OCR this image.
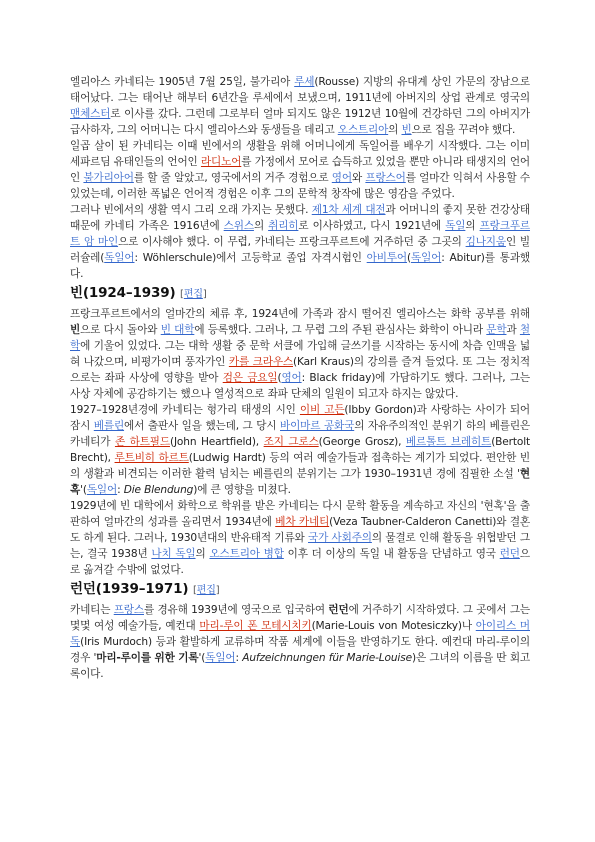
엘리아스 카네티는 1905년 7월 25일, 불가리아 루세(Rousse) 지방의 유대계 상인 가문의 장남으로 태어났다. 그는 태어난 해부터 6년간을 루세에서 보냈으며, 1911년에 아버지의 상업 관계로 영국의 맨체스터로 이사를 갔다. 그런데 그로부터 얼마 되지도 않은 1912년 10월에 건강하던 그의 아버지가 급사하자, 그의 어머니는 다시 엘리아스와 동생들을 데리고 오스트리아의 빈으로 집을 꾸려야 했다.

일곱 살이 된 카네티는 이때 빈에서의 생활을 위해 어머니에게 독일어를 배우기 시작했다. 그는 이미 세파르딤 유태인들의 언어인 라디노어를 가정에서 모어로 습득하고 있었을 뿐만 아니라 태생지의 언어인 불가리아어를 할 줄 알았고, 영국에서의 거주 경험으로 영어와 프랑스어를 얼마간 익혀서 사용할 수 있었는데, 이러한 폭넓은 언어적 경험은 이후 그의 문학적 창작에 많은 영감을 주었다.

그러나 빈에서의 생활 역시 그리 오래 가지는 못했다. 제1차 세계 대전과 어머니의 좋지 못한 건강상태 때문에 카네티 가족은 1916년에 스위스의 취리히로 이사하였고, 다시 1921년에 독일의 프랑크푸르트 암 마인으로 이사해야 했다. 이 무렵, 카네티는 프랑크푸르트에 거주하던 중 그곳의 김나지움인 빌러슐레(독일어: Wöhlerschule)에서 고등학교 졸업 자격시험인 아비투어(독일어: Abitur)를 통과했다.

빈(1924–1939) [편집]

프랑크푸르트에서의 얼마간의 체류 후, 1924년에 가족과 잠시 떨어진 엘리아스는 화학 공부를 위해 빈으로 다시 돌아와 빈 대학에 등록했다. 그러나, 그 무렵 그의 주된 관심사는 화학이 아니라 문학과 철학에 기울어 있었다. 그는 대학 생활 중 문학 서클에 가입해 글쓰기를 시작하는 동시에 차츰 인맥을 넓혀 나갔으며, 비평가이며 풍자가인 카를 크라우스(Karl Kraus)의 강의를 즐겨 들었다. 또 그는 정치적으로는 좌파 사상에 영향을 받아 검은 금요일(영어: Black friday)에 가담하기도 했다. 그러나, 그는 사상 자체에 공감하기는 했으나 열성적으로 좌파 단체의 일원이 되고자 하지는 않았다.

1927–1928년경에 카네티는 헝가리 태생의 시인 이비 고든(Ibby Gordon)과 사랑하는 사이가 되어 잠시 베를린에서 출판사 일을 했는데, 그 당시 바이마르 공화국의 자유주의적인 분위기 하의 베를린은 카네티가 존 하트필드(John Heartfield), 조지 그로스(George Grosz), 베르톨트 브레히트(Bertolt Brecht), 루트비히 하르트(Ludwig Hardt) 등의 여러 예술가들과 접촉하는 계기가 되었다. 편안한 빈의 생활과 비견되는 이러한 활력 넘치는 베를린의 분위기는 그가 1930–1931년 경에 집필한 소설 '현혹'(독일어: Die Blendung)에 큰 영향을 미쳤다.

1929년에 빈 대학에서 화학으로 학위를 받은 카네티는 다시 문학 활동을 계속하고 자신의 '현혹'을 출판하여 얼마간의 성과를 올리면서 1934년에 베차 카네티(Veza Taubner-Calderon Canetti)와 결혼도 하게 된다. 그러나, 1930년대의 반유태적 기류와 국가 사회주의의 물결로 인해 활동을 위협받던 그는, 결국 1938년 나치 독일의 오스트리아 병합 이후 더 이상의 독일 내 활동을 단념하고 영국 런던으로 옮겨갈 수밖에 없었다.

런던(1939–1971) [편집]

카네티는 프랑스를 경유해 1939년에 영국으로 입국하여 런던에 거주하기 시작하였다. 그 곳에서 그는 몇몇 여성 예술가들, 예컨대 마리-루이 폰 모테시치키(Marie-Louis von Motesiczky)나 아이리스 머독(Iris Murdoch) 등과 활발하게 교류하며 작품 세계에 이들을 반영하기도 한다. 예컨대 마리-루이의 경우 '마리-루이를 위한 기록'(독일어: Aufzeichnungen für Marie-Louise)은 그녀의 이름을 딴 회고록이다.
